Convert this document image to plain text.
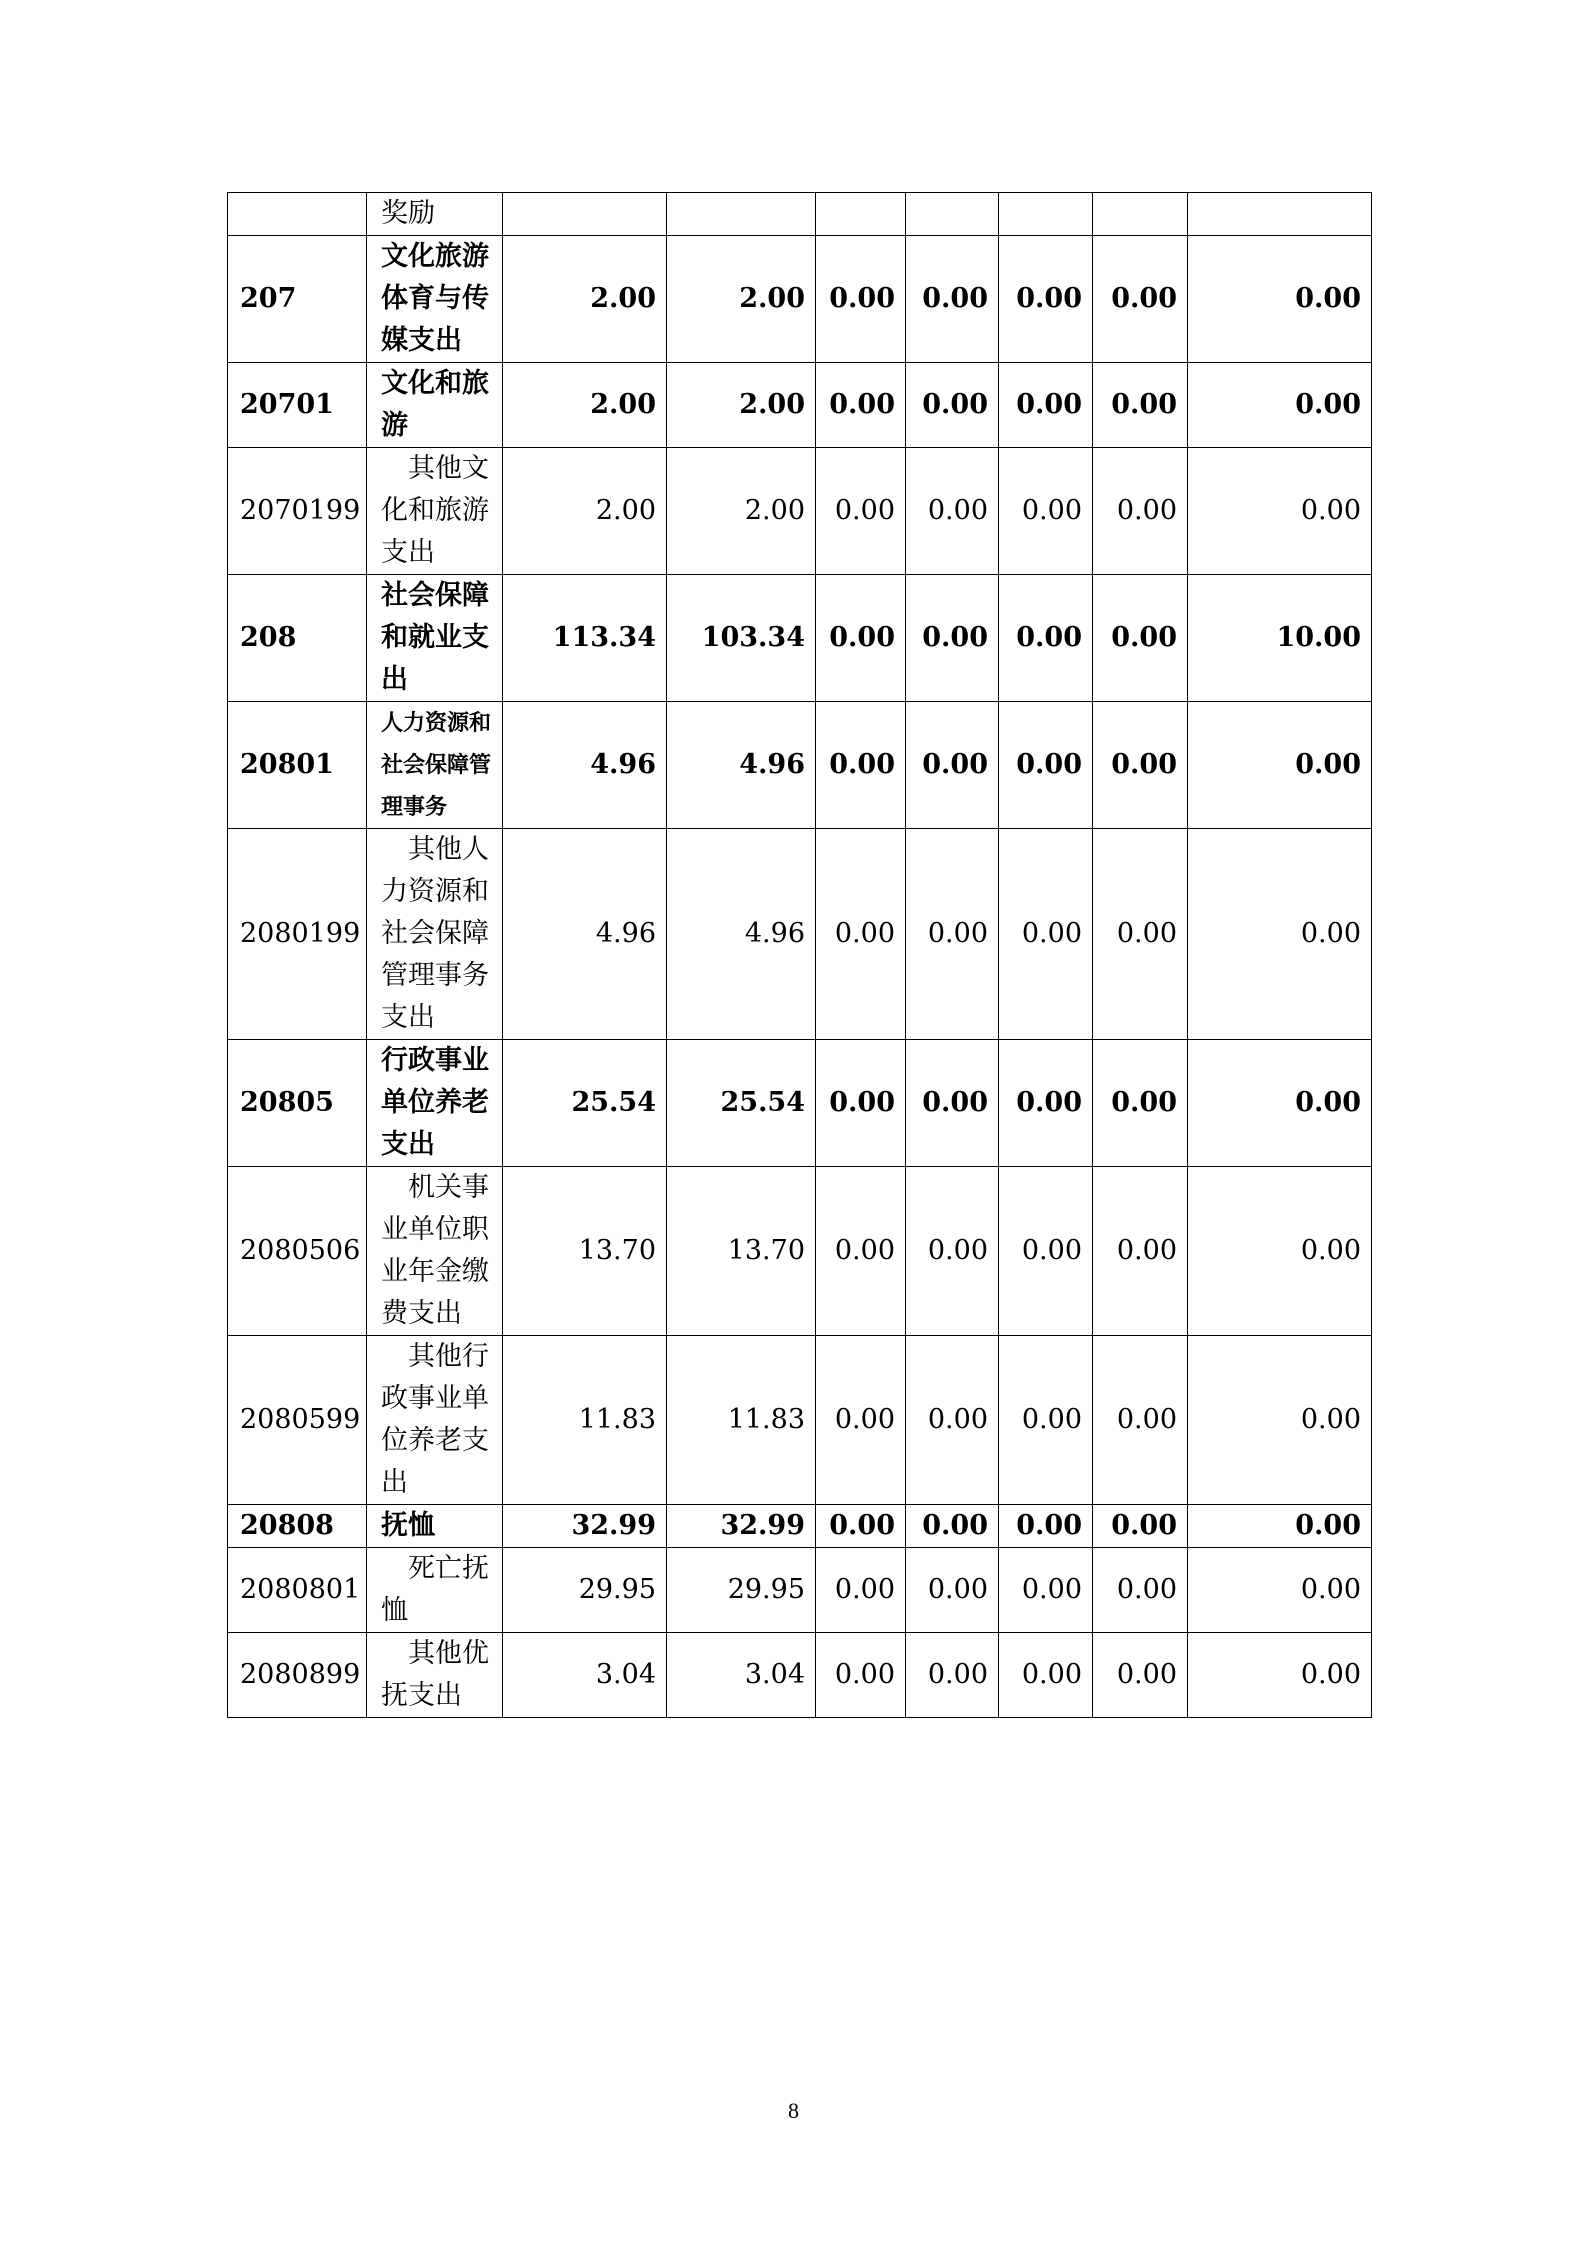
	奖励							
207	文化旅游体育与传媒支出	2.00	2.00	0.00	0.00	0.00	0.00	0.00
20701	文化和旅游	2.00	2.00	0.00	0.00	0.00	0.00	0.00
2070199	其他文化和旅游支出	2.00	2.00	0.00	0.00	0.00	0.00	0.00
208	社会保障和就业支出	113.34	103.34	0.00	0.00	0.00	0.00	10.00
20801	人力资源和社会保障管理事务	4.96	4.96	0.00	0.00	0.00	0.00	0.00
2080199	其他人力资源和社会保障管理事务支出	4.96	4.96	0.00	0.00	0.00	0.00	0.00
20805	行政事业单位养老支出	25.54	25.54	0.00	0.00	0.00	0.00	0.00
2080506	机关事业单位职业年金缴费支出	13.70	13.70	0.00	0.00	0.00	0.00	0.00
2080599	其他行政事业单位养老支出	11.83	11.83	0.00	0.00	0.00	0.00	0.00
20808	抚恤	32.99	32.99	0.00	0.00	0.00	0.00	0.00
2080801	死亡抚恤	29.95	29.95	0.00	0.00	0.00	0.00	0.00
2080899	其他优抚支出	3.04	3.04	0.00	0.00	0.00	0.00	0.00
8
